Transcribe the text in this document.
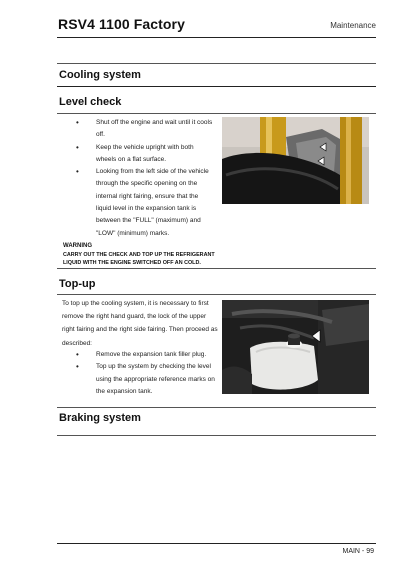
RSV4 1100 Factory	Maintenance
Cooling system
Level check

• Shut off the engine and wait until it cools off.

• Keep the vehicle upright with both wheels on a flat surface.

• Looking from the left side of the vehicle through the specific opening on the internal right fairing, ensure that the liquid level in the expansion tank is between the "FULL" (maximum) and "LOW" (minimum) marks.

WARNING
CARRY OUT THE CHECK AND TOP UP THE REFRIGERANT LIQUID WITH THE ENGINE SWITCHED OFF AN COLD.
Top-up
To top up the cooling system, it is necessary to first remove the right hand guard, the lock of the upper right fairing and the right side fairing. Then proceed as described:

• Remove the expansion tank filler plug.

• Top up the system by checking the level using the appropriate reference marks on the expansion tank.

Braking system
MAIN - 99
